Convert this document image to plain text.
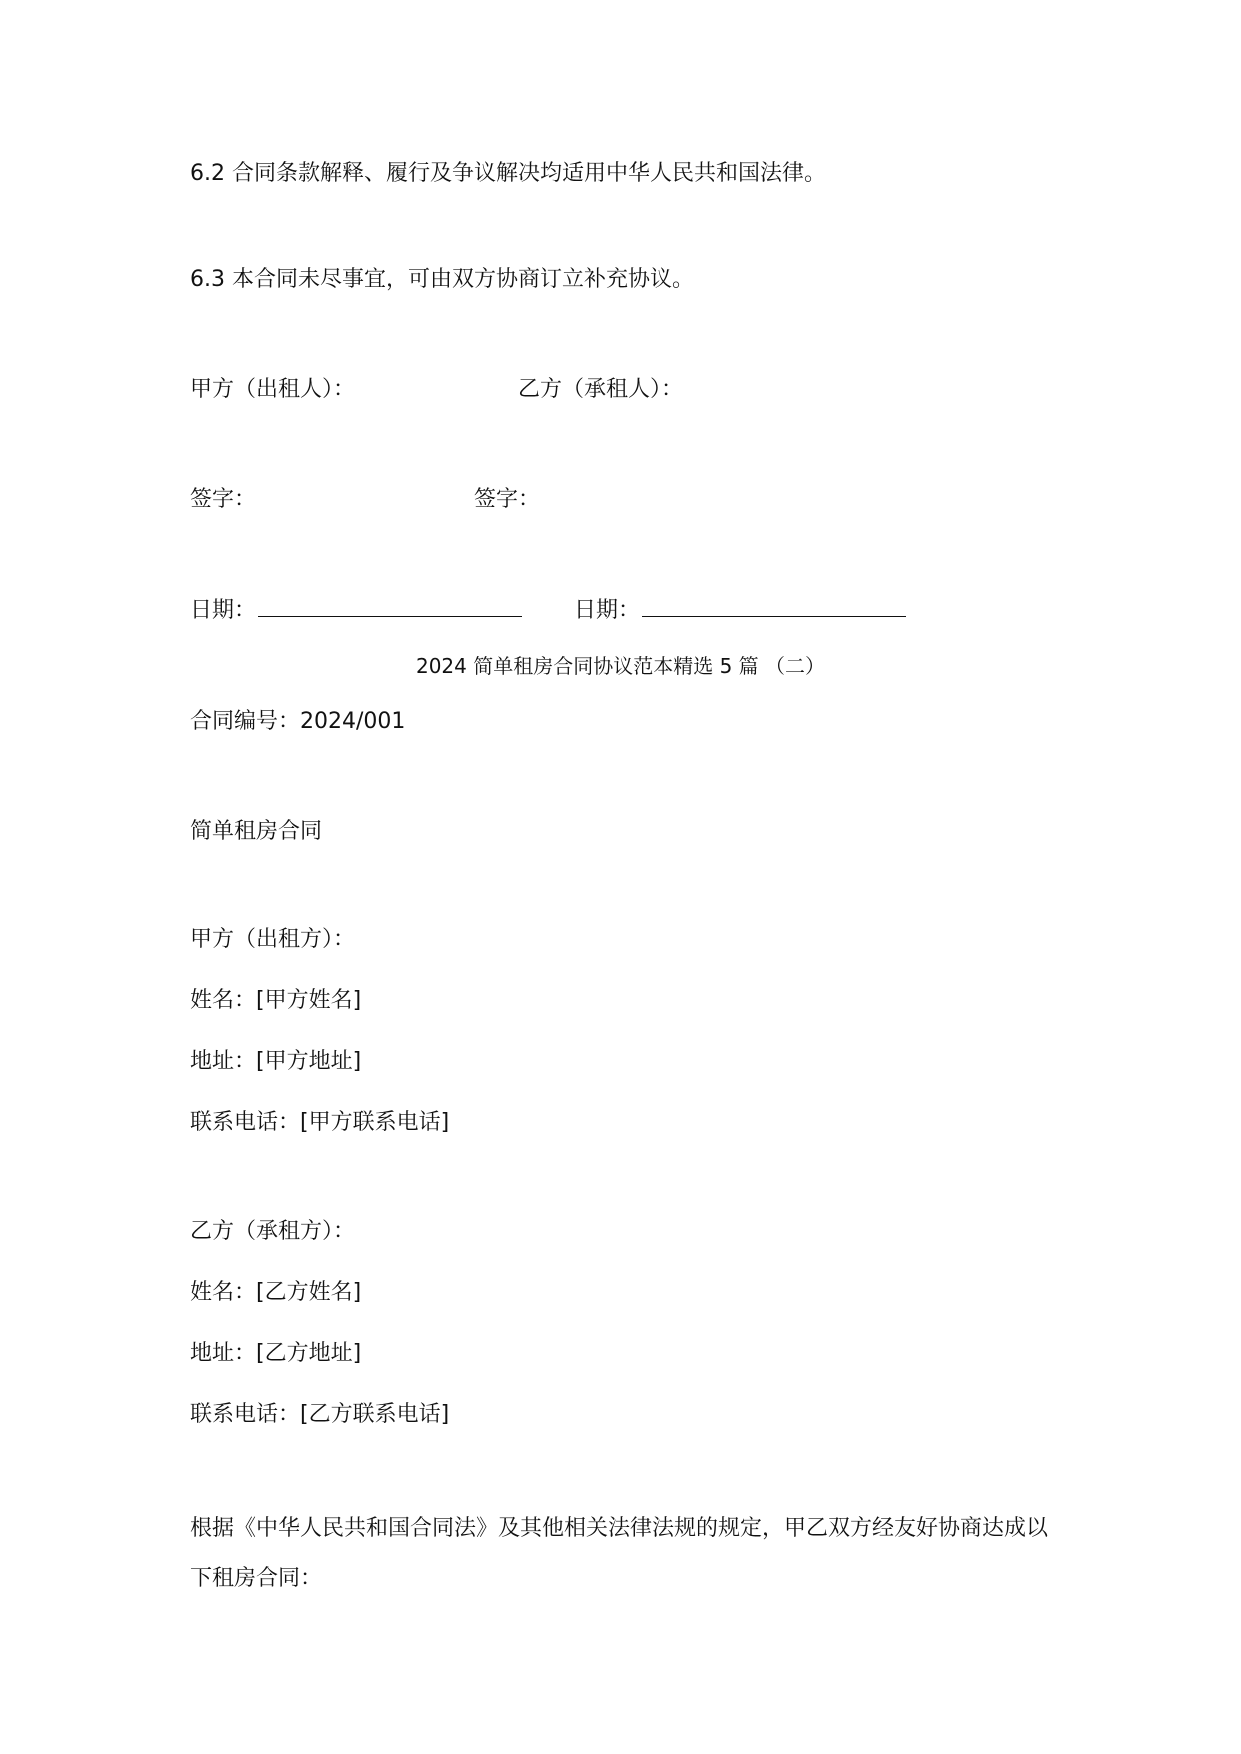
6.2 合同条款解释、履行及争议解决均适用中华人民共和国法律。
6.3 本合同未尽事宜，可由双方协商订立补充协议。
甲方（出租人）：	乙方（承租人）：
签字：	签字：
日期：	日期：
2024 简单租房合同协议范本精选 5 篇 （二）
合同编号：2024/001
简单租房合同
甲方（出租方）：
姓名：[甲方姓名]
地址：[甲方地址]
联系电话：[甲方联系电话]
乙方（承租方）：
姓名：[乙方姓名]
地址：[乙方地址]
联系电话：[乙方联系电话]
根据《中华人民共和国合同法》及其他相关法律法规的规定，甲乙双方经友好协商达成以下租房合同：
